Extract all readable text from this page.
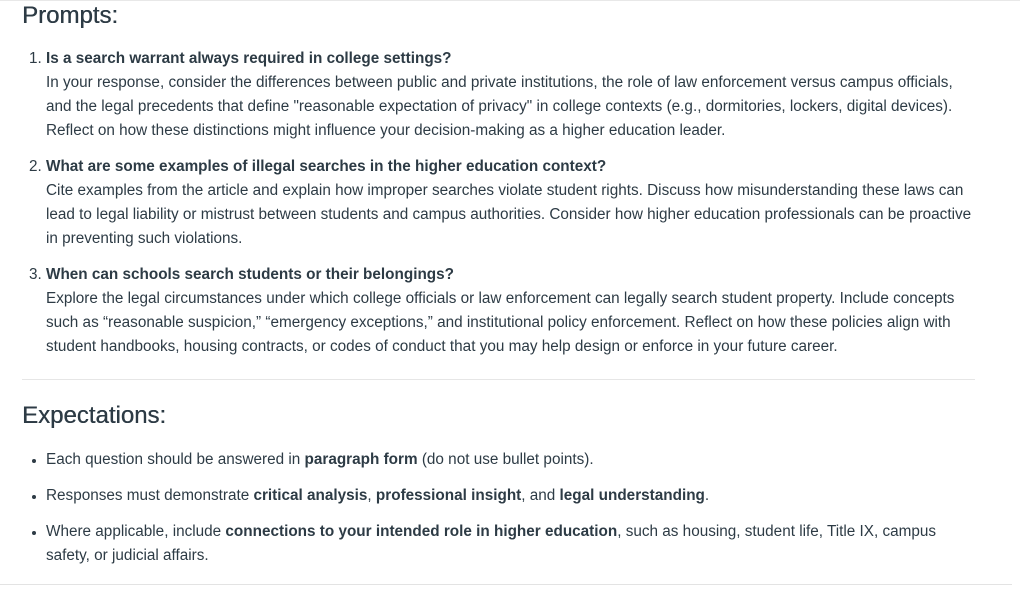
Prompts:
1. Is a search warrant always required in college settings?
In your response, consider the differences between public and private institutions, the role of law enforcement versus campus officials, and the legal precedents that define "reasonable expectation of privacy" in college contexts (e.g., dormitories, lockers, digital devices). Reflect on how these distinctions might influence your decision-making as a higher education leader.
2. What are some examples of illegal searches in the higher education context?
Cite examples from the article and explain how improper searches violate student rights. Discuss how misunderstanding these laws can lead to legal liability or mistrust between students and campus authorities. Consider how higher education professionals can be proactive in preventing such violations.
3. When can schools search students or their belongings?
Explore the legal circumstances under which college officials or law enforcement can legally search student property. Include concepts such as “reasonable suspicion,” “emergency exceptions,” and institutional policy enforcement. Reflect on how these policies align with student handbooks, housing contracts, or codes of conduct that you may help design or enforce in your future career.
Expectations:
Each question should be answered in paragraph form (do not use bullet points).
Responses must demonstrate critical analysis, professional insight, and legal understanding.
Where applicable, include connections to your intended role in higher education, such as housing, student life, Title IX, campus safety, or judicial affairs.
